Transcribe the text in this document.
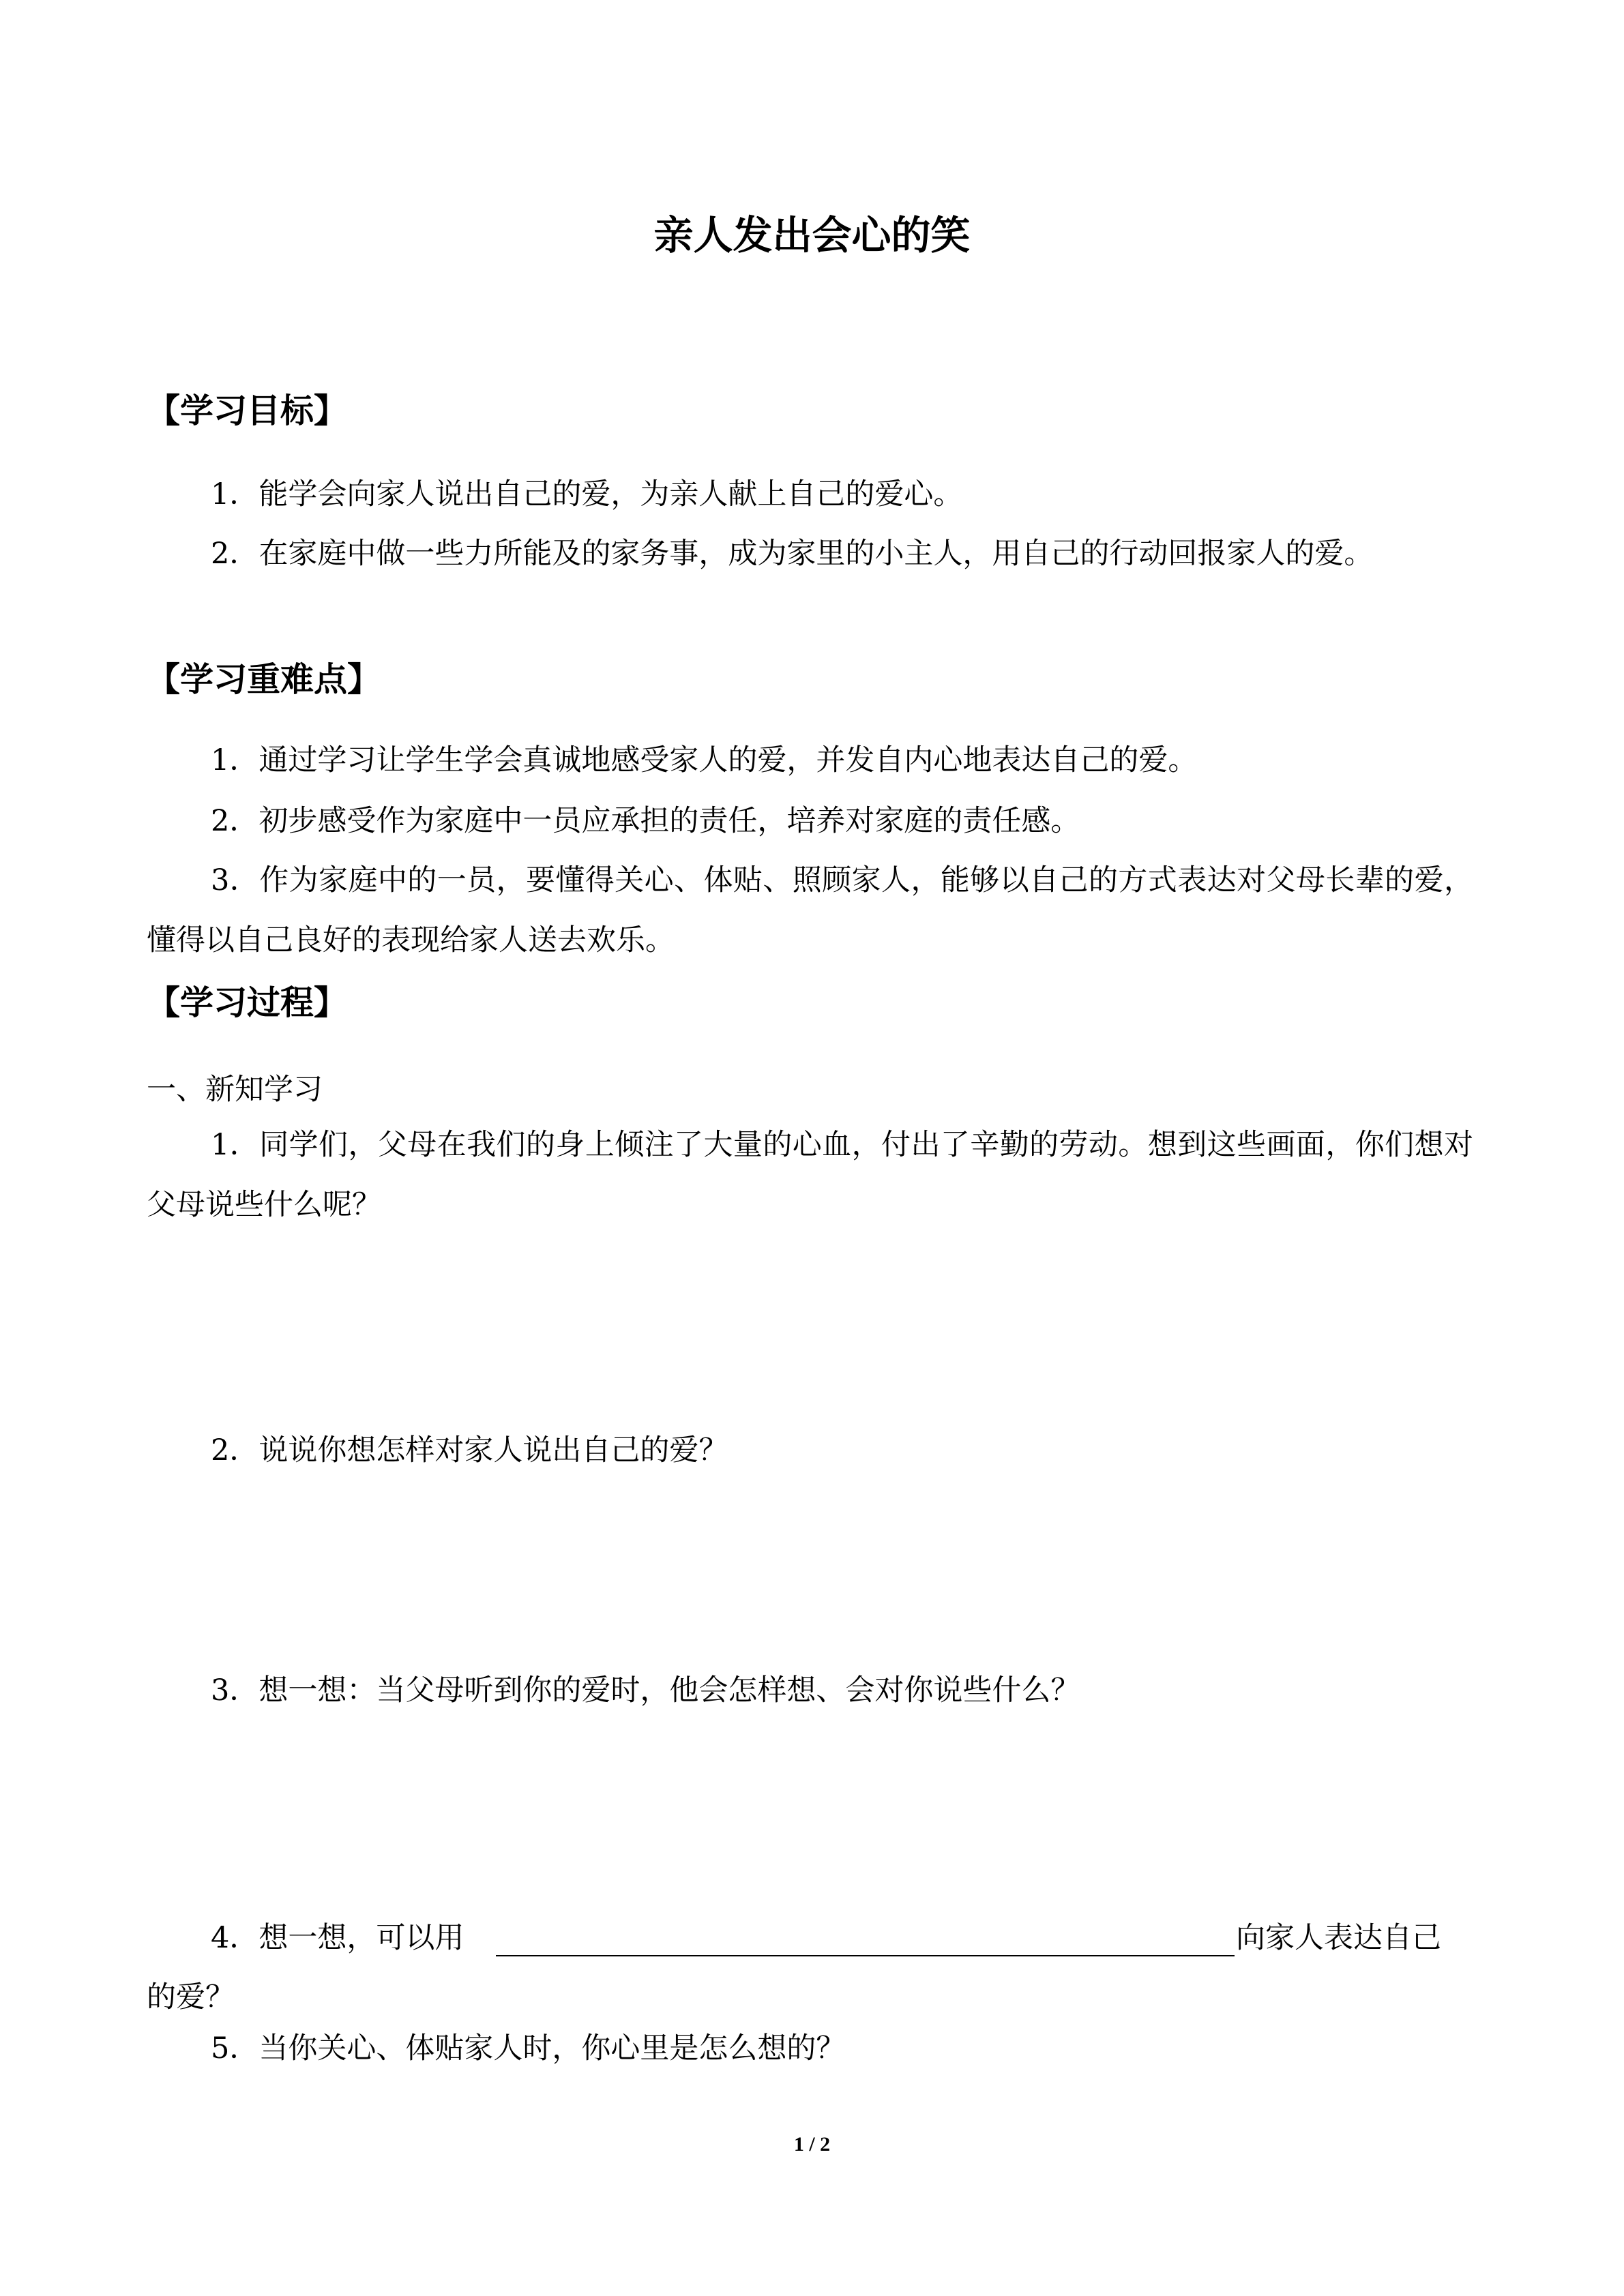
亲人发出会心的笑
【学习目标】

1．能学会向家人说出自己的爱，为亲人献上自己的爱心。

2．在家庭中做一些力所能及的家务事，成为家里的小主人，用自己的行动回报家人的爱。

【学习重难点】

1．通过学习让学生学会真诚地感受家人的爱，并发自内心地表达自己的爱。

2．初步感受作为家庭中一员应承担的责任，培养对家庭的责任感。

3．作为家庭中的一员，要懂得关心、体贴、照顾家人，能够以自己的方式表达对父母长辈的爱，懂得以自己良好的表现给家人送去欢乐。

【学习过程】

一、新知学习

1．同学们，父母在我们的身上倾注了大量的心血，付出了辛勤的劳动。想到这些画面，你们想对父母说些什么呢？

2．说说你想怎样对家人说出自己的爱？

3．想一想：当父母听到你的爱时，他会怎样想、会对你说些什么？

4．想一想，可以用	向家人表达自己
的爱？

5．当你关心、体贴家人时，你心里是怎么想的？

1 / 2
